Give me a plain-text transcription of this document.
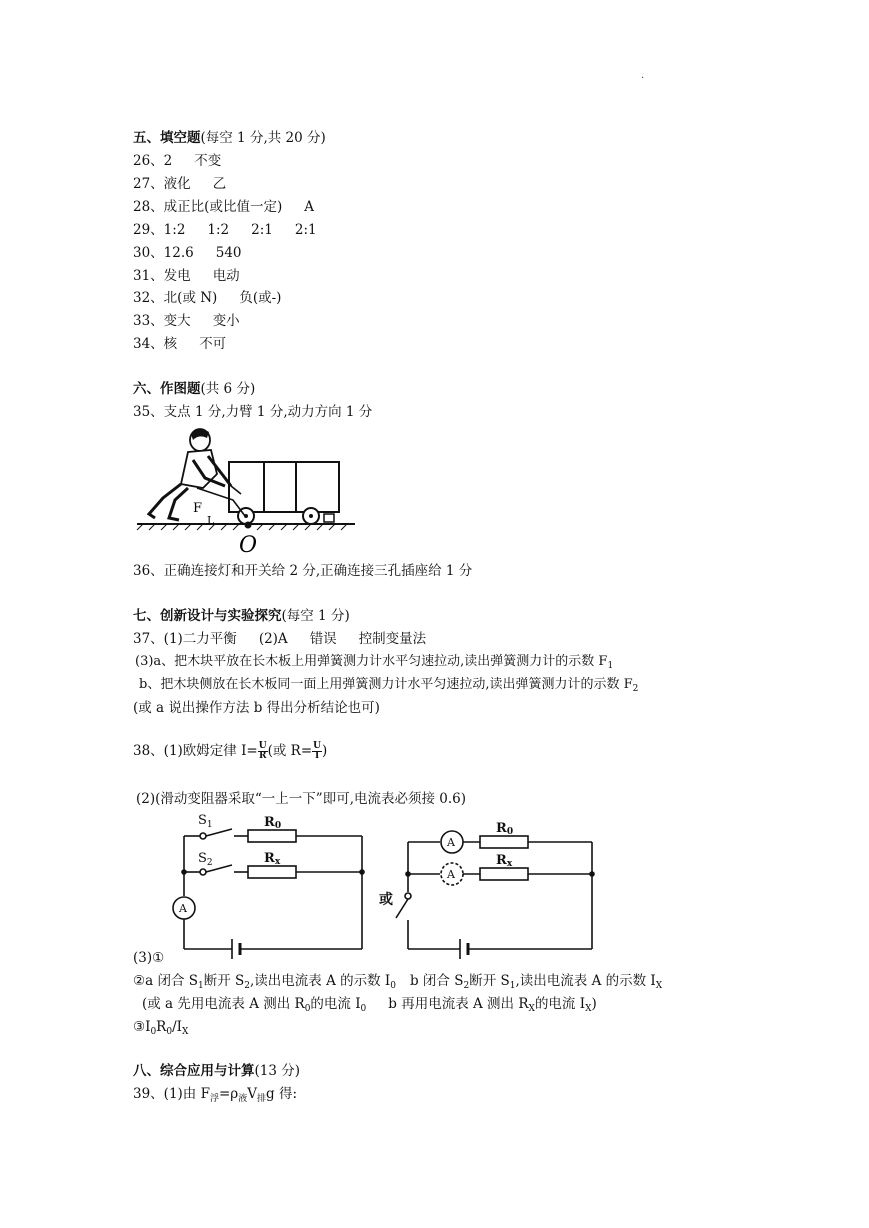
.
五、填空题(每空 1 分,共 20 分)
26、2 不变
27、液化 乙
28、成正比(或比值一定) A
29、1:2 1:2 2:1 2:1
30、12.6 540
31、发电 电动
32、北(或 N) 负(或-)
33、变大 变小
34、核 不可
六、作图题(共 6 分)
35、支点 1 分,力臂 1 分,动力方向 1 分
F
L
O
36、正确连接灯和开关给 2 分,正确连接三孔插座给 1 分
七、创新设计与实验探究(每空 1 分)
37、(1)二力平衡 (2)A 错误 控制变量法
(3)a、把木块平放在长木板上用弹簧测力计水平匀速拉动,读出弹簧测力计的示数 $F_1$
b、把木块侧放在长木板同一面上用弹簧测力计水平匀速拉动,读出弹簧测力计的示数 $F_2$
(或 a 说出操作方法 b 得出分析结论也可)
38、(1)欧姆定律 $I= \frac{U}{R}$ (或 $R= \frac{U}{I}$ )
(2)(滑动变阻器采取“一上一下”即可,电流表必须接 0.6)
$S_1$
$S_2$
R0
Rx
A
或
R0
Rx
A
A
(3)①
②a 闭合 $S_1$断开 $S_2$,读出电流表 A 的示数 $I_0$ b 闭合 $S_2$断开 $S_1$,读出电流表 A 的示数 $I_X$
(或 a 先用电流表 A 测出 $R_0$的电流 $I_0$ b 再用电流表 A 测出 $R_X$的电流 $I_X$)
$③I_0R_0/I_X$
八、综合应用与计算(13 分)
39、(1)由 $F_浮=\rho_液V_排g$ 得:
